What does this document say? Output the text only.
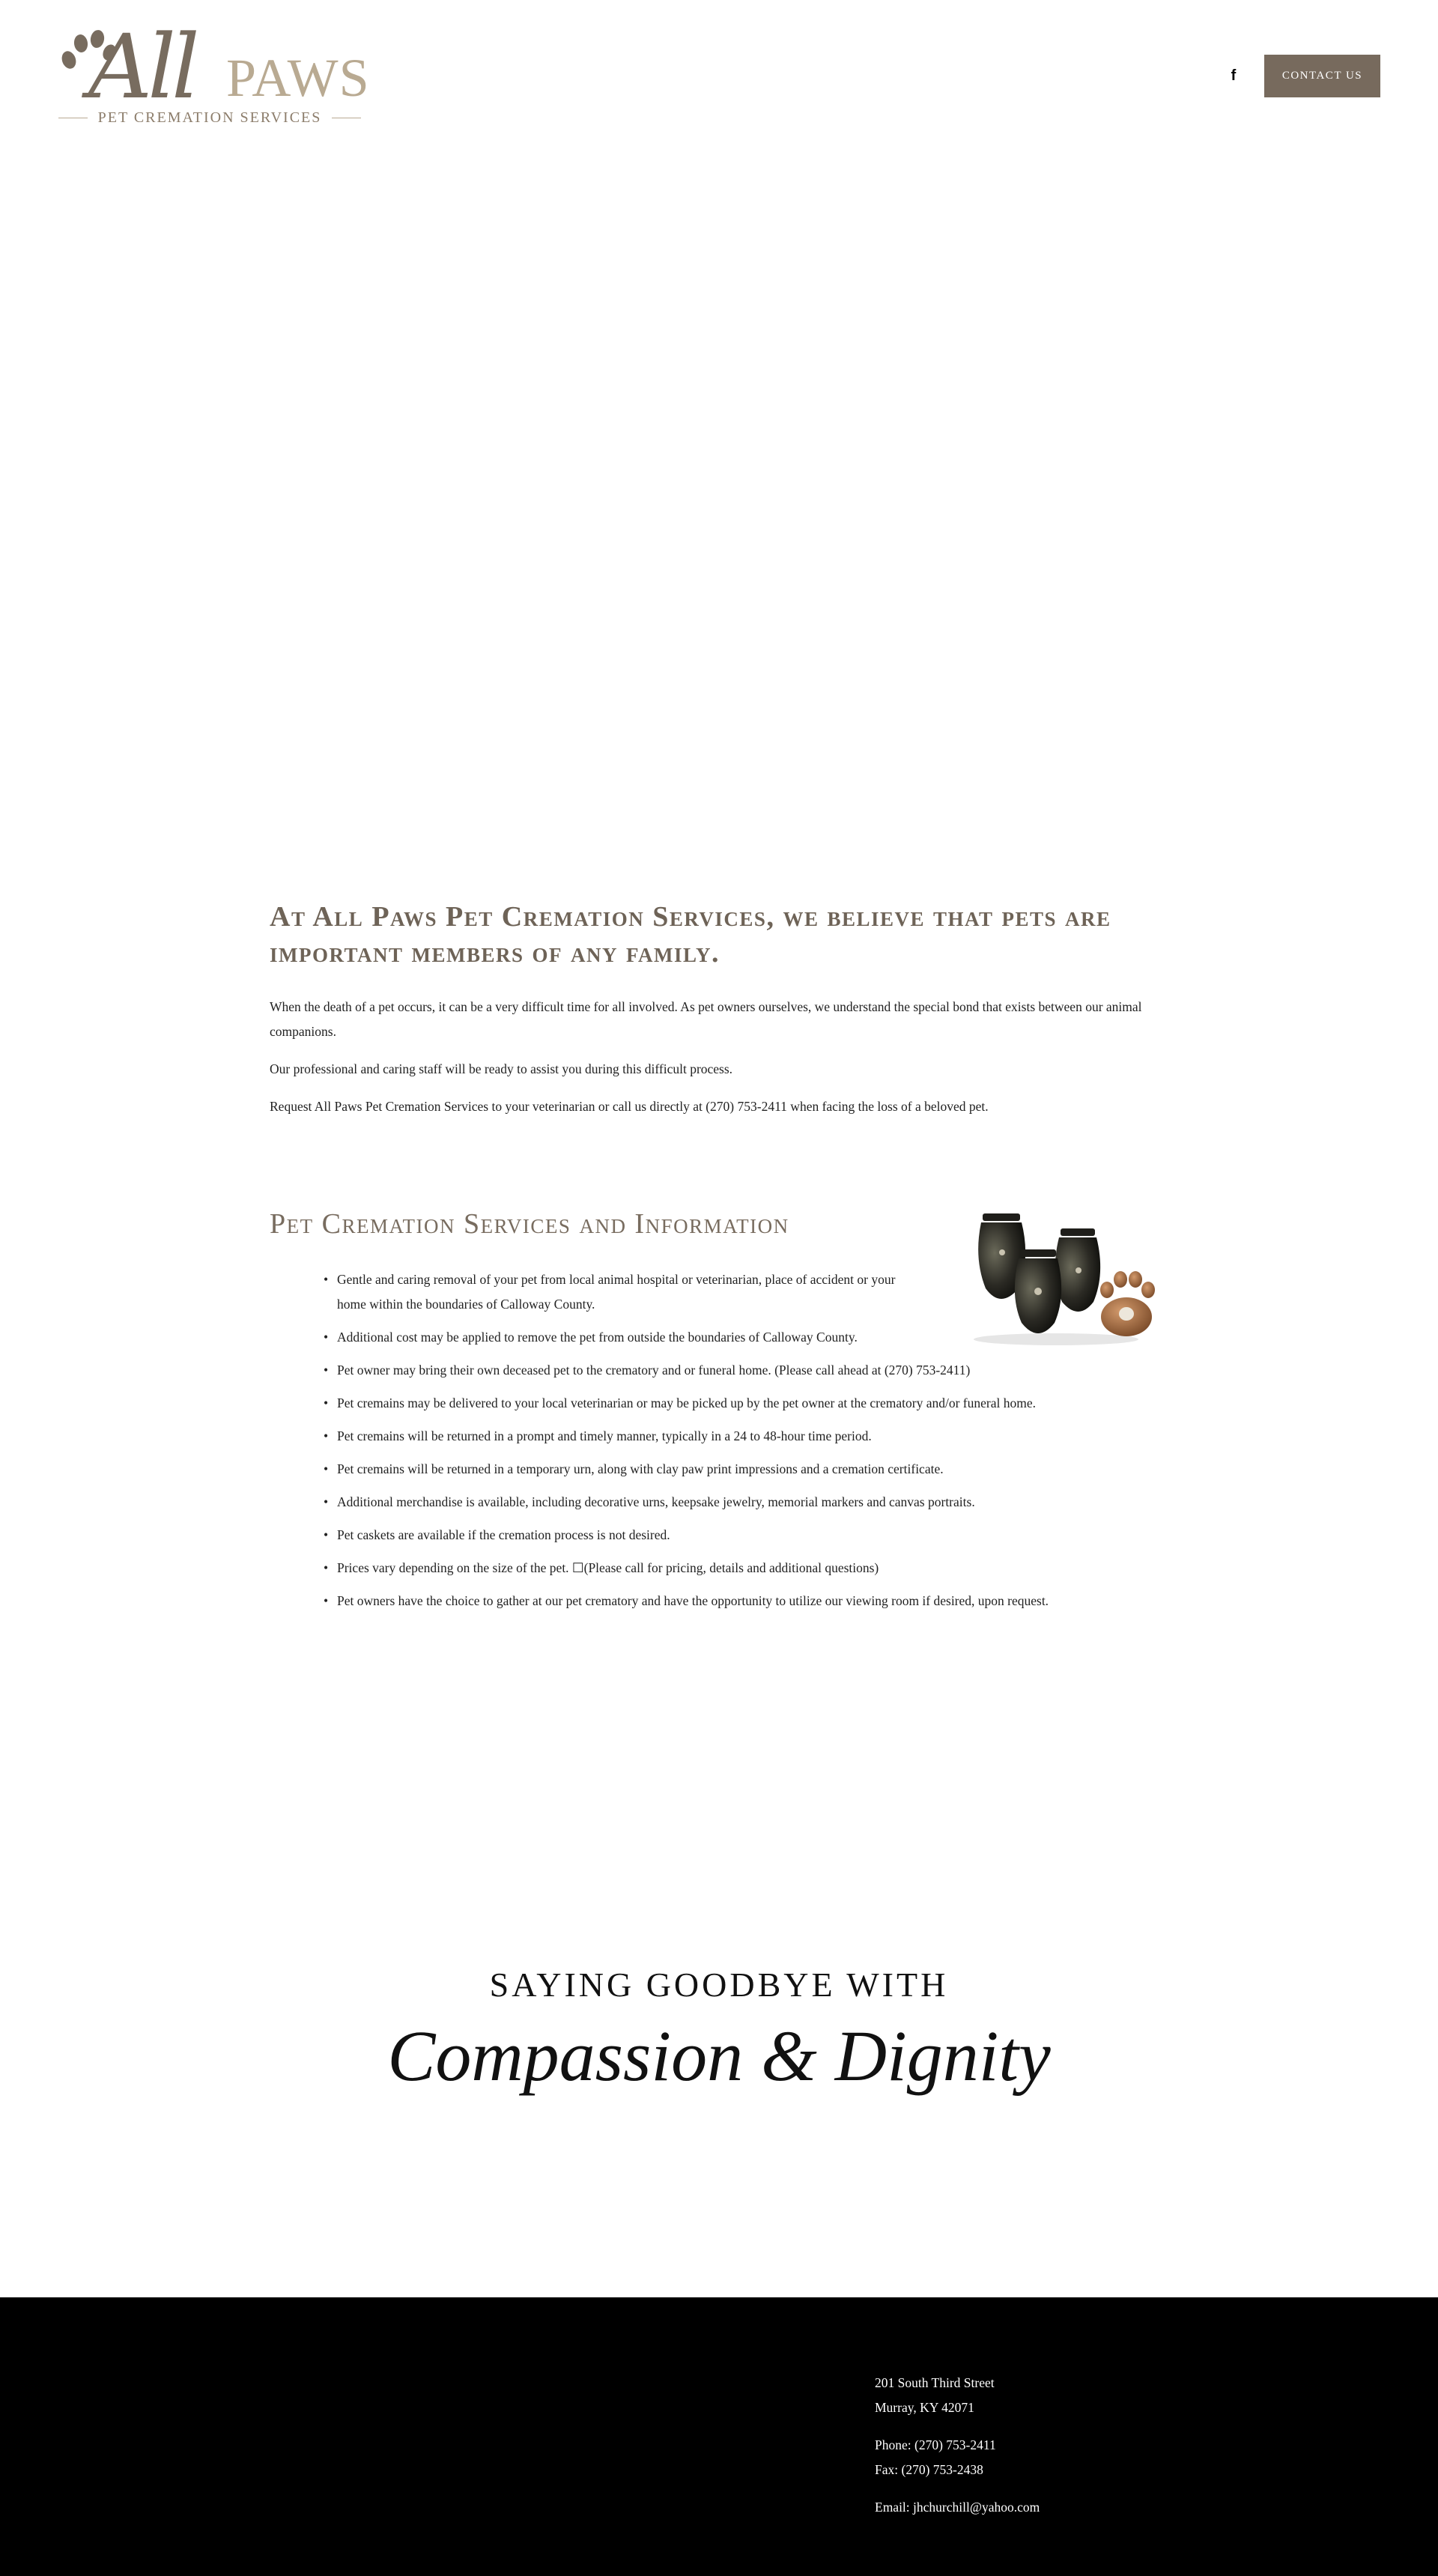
All PAWS
PET CREMATION SERVICES
f	CONTACT US
At All Paws Pet Cremation Services, we believe that pets are important members of any family.

When the death of a pet occurs, it can be a very difficult time for all involved. As pet owners ourselves, we understand the special bond that exists between our animal companions.

Our professional and caring staff will be ready to assist you during this difficult process.

Request All Paws Pet Cremation Services to your veterinarian or call us directly at (270) 753-2411 when facing the loss of a beloved pet.

Pet Cremation Services and Information
• Gentle and caring removal of your pet from local animal hospital or veterinarian, place of accident or your home within the boundaries of Calloway County.
• Additional cost may be applied to remove the pet from outside the boundaries of Calloway County.
• Pet owner may bring their own deceased pet to the crematory and or funeral home. (Please call ahead at (270) 753-2411)
• Pet cremains may be delivered to your local veterinarian or may be picked up by the pet owner at the crematory and/or funeral home.
• Pet cremains will be returned in a prompt and timely manner, typically in a 24 to 48-hour time period.
• Pet cremains will be returned in a temporary urn, along with clay paw print impressions and a cremation certificate.
• Additional merchandise is available, including decorative urns, keepsake jewelry, memorial markers and canvas portraits.
• Pet caskets are available if the cremation process is not desired.
• Prices vary depending on the size of the pet. ☐(Please call for pricing, details and additional questions)
• Pet owners have the choice to gather at our pet crematory and have the opportunity to utilize our viewing room if desired, upon request.
SAYING GOODBYE WITH
Compassion & Dignity
201 South Third Street
Murray, KY 42071
Phone: (270) 753-2411
Fax: (270) 753-2438
Email: jhchurchill@yahoo.com
